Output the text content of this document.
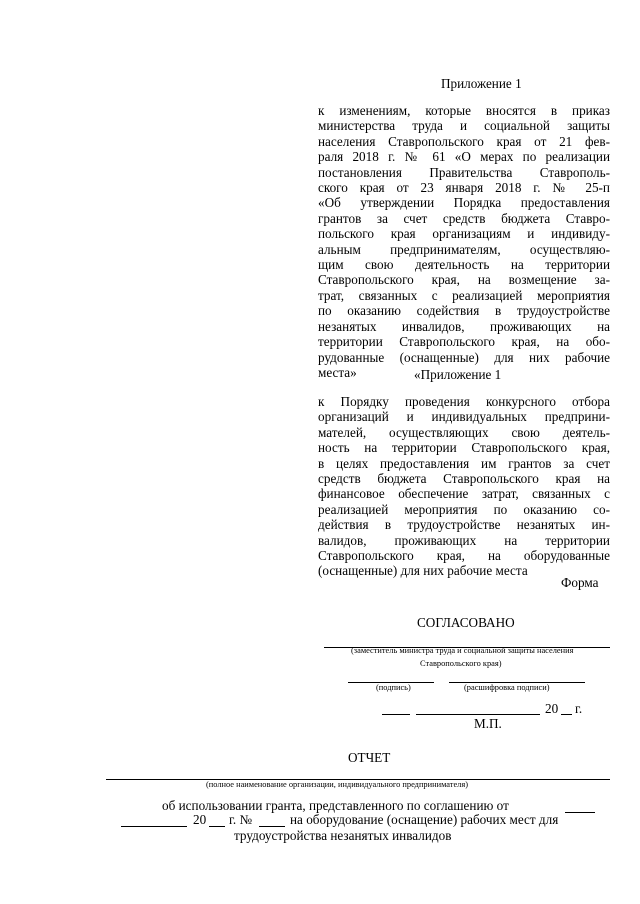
Приложение 1

к изменениям, которые вносятся в приказ

министерства труда и социальной защиты

населения Ставропольского края от 21 фев-

раля 2018 г. № 61 «О мерах по реализации

постановления Правительства Ставрополь-

ского края от 23 января 2018 г. № 25-п

«Об утверждении Порядка предоставления

грантов за счет средств бюджета Ставро-

польского края организациям и индивиду-

альным предпринимателям, осуществляю-

щим свою деятельность на территории

Ставропольского края, на возмещение за-

трат, связанных с реализацией мероприятия

по оказанию содействия в трудоустройстве

незанятых инвалидов, проживающих на

территории Ставропольского края, на обо-

рудованные (оснащенные) для них рабочие

места»	«Приложение 1

к Порядку проведения конкурсного отбора

организаций и индивидуальных предприни-

мателей, осуществляющих свою деятель-

ность на территории Ставропольского края,

в целях предоставления им грантов за счет

средств бюджета Ставропольского края на

финансовое обеспечение затрат, связанных с

реализацией мероприятия по оказанию со-

действия в трудоустройстве незанятых ин-

валидов, проживающих на территории

Ставропольского края, на оборудованные

(оснащенные) для них рабочие места

Форма

СОГЛАСОВАНО

(заместитель министра труда и социальной защиты населения

Ставропольского края)

(подпись)	(расшифровка подписи)

20 г.

М.П.

ОТЧЕТ

(полное наименование организации, индивидуального предпринимателя)

об использовании гранта, представленного по соглашению от

20 г. №	на оборудование (оснащение) рабочих мест для

трудоустройства незанятых инвалидов
